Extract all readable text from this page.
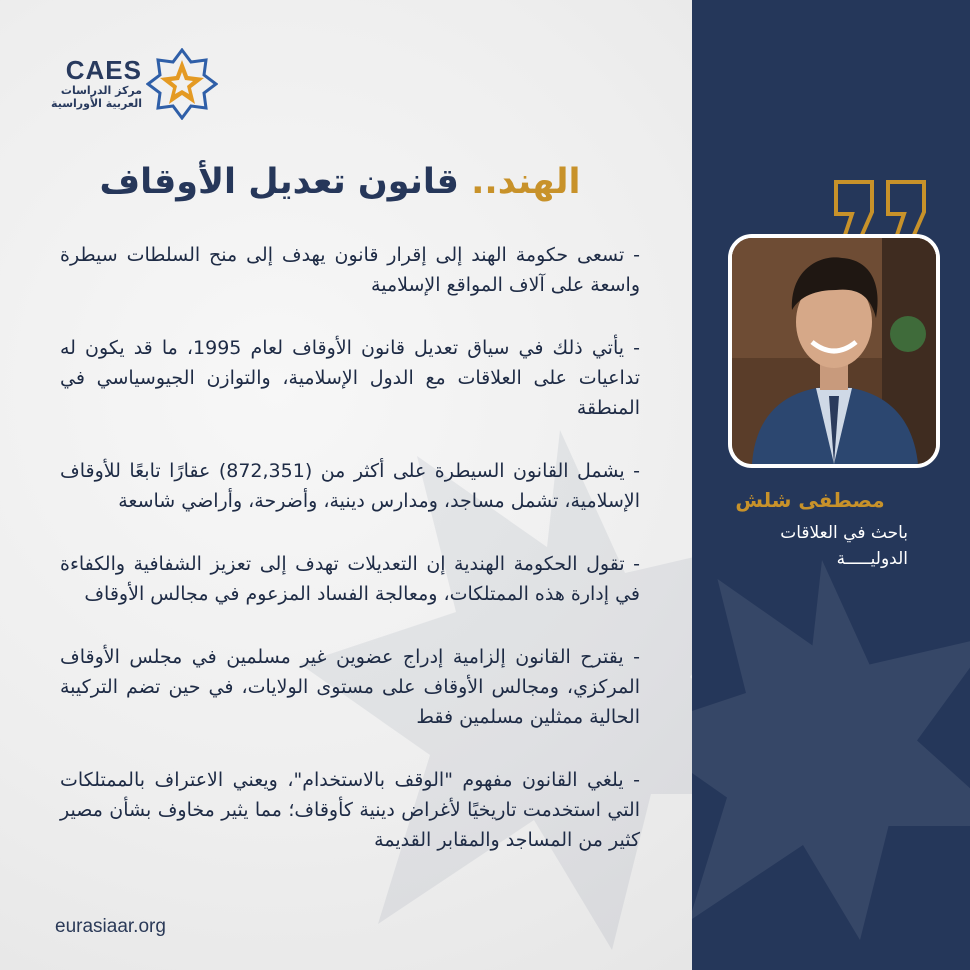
CAES
مركز الدراسات
العربية الأوراسية
الهند.. قانون تعديل الأوقاف

- تسعى حكومة الهند إلى إقرار قانون يهدف إلى منح السلطات سيطرة واسعة على آلاف المواقع الإسلامية

- يأتي ذلك في سياق تعديل قانون الأوقاف لعام 1995، ما قد يكون له تداعيات على العلاقات مع الدول الإسلامية، والتوازن الجيوسياسي في المنطقة

- يشمل القانون السيطرة على أكثر من (872,351) عقارًا تابعًا للأوقاف الإسلامية، تشمل مساجد، ومدارس دينية، وأضرحة، وأراضي شاسعة

- تقول الحكومة الهندية إن التعديلات تهدف إلى تعزيز الشفافية والكفاءة في إدارة هذه الممتلكات، ومعالجة الفساد المزعوم في مجالس الأوقاف

- يقترح القانون إلزامية إدراج عضوين غير مسلمين في مجلس الأوقاف المركزي، ومجالس الأوقاف على مستوى الولايات، في حين تضم التركيبة الحالية ممثلين مسلمين فقط

- يلغي القانون مفهوم "الوقف بالاستخدام"، ويعني الاعتراف بالممتلكات التي استخدمت تاريخيًا لأغراض دينية كأوقاف؛ مما يثير مخاوف بشأن مصير كثير من المساجد والمقابر القديمة

eurasiaar.org
مصطفى شلش
باحث في العلاقات
الدوليـــــة
